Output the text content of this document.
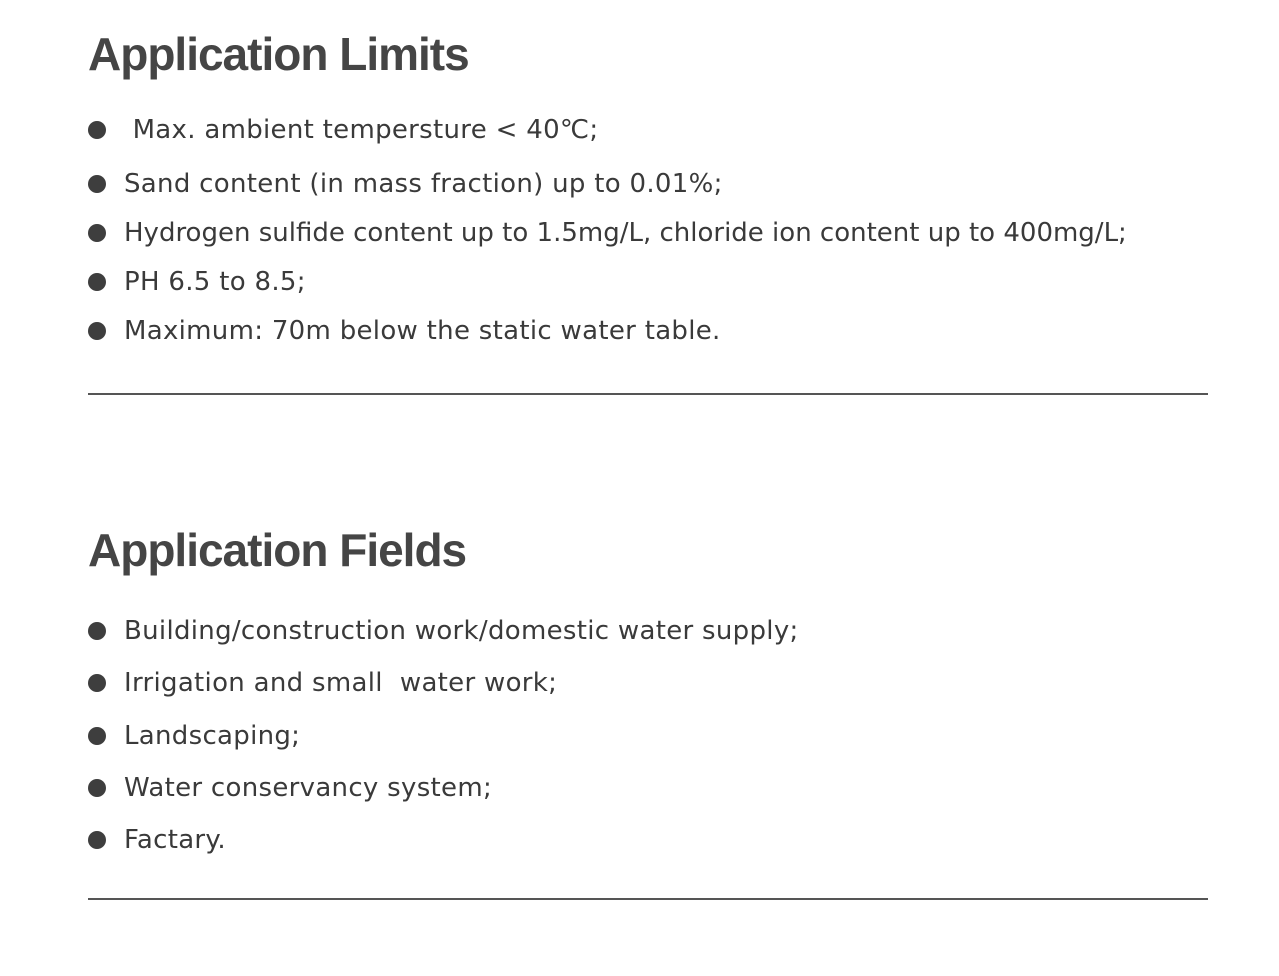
Application Limits
Max. ambient tempersture < 40℃;
Sand content (in mass fraction) up to 0.01%;
Hydrogen sulfide content up to 1.5mg/L, chloride ion content up to 400mg/L;
PH 6.5 to 8.5;
Maximum: 70m below the static water table.
Application Fields
Building/construction work/domestic water supply;
Irrigation and small  water work;
Landscaping;
Water conservancy system;
Factary.
